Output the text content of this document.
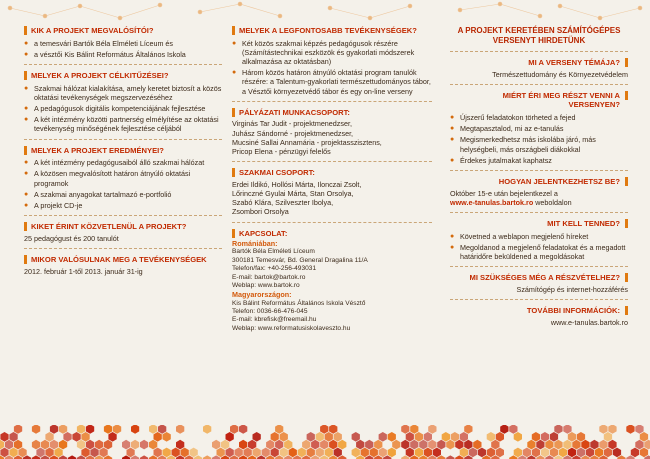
KIK A PROJEKT MEGVALÓSÍTÓI?
● a temesvári Bartók Béla Elméleti Líceum és
● a vésztői Kis Bálint Református Általános Iskola
MELYEK A PROJEKT CÉLKITŰZÉSEI?
● Szakmai hálózat kialakítása, amely keretet biztosít a közös oktatási tevékenységek megszervezéséhez
● A pedagógusok digitális kompetenciájának fejlesztése
● A két intézmény közötti partnerség elmélyítése az oktatási tevékenység minőségének fejlesztése céljából
MELYEK A PROJEKT EREDMÉNYEI?
● A két intézmény pedagógusaiból álló szakmai hálózat
● A közösen megvalósított határon átnyúló oktatási programok
● A szakmai anyagokat tartalmazó e-portfolió
● A projekt CD-je
KIKET ÉRINT KÖZVETLENÜL A PROJEKT?
25 pedagógust és 200 tanulót
MIKOR VALÓSULNAK MEG A TEVÉKENYSÉGEK
2012. február 1-től 2013. január 31-ig
MELYEK A LEGFONTOSABB TEVÉKENYSÉGEK?
● Két közös szakmai képzés pedagógusok részére (Számítástechnikai eszközök és gyakorlati módszerek alkalmazása az oktatásban)
● Három közös határon átnyúló oktatási program tanulók részére: a Talentum-gyakorlati természettudományos tábor, a Vésztői környezetvédő tábor és egy on-line verseny
PÁLYÁZATI MUNKACSOPORT:
Virginás Tar Judit - projektmenedzser,
Juhász Sándorné - projektmenedzser,
Mucsiné Sallai Annamária - projektasszisztens,
Pricop Elena - pénzügyi felelős
SZAKMAI CSOPORT:
Erdei Ildikó, Hollósi Márta, Ilonczai Zsolt,
Lőrinczné Gyulai Márta, Stan Orsolya,
Szabó Klára, Szilveszter Ibolya,
Zsombori Orsolya
KAPCSOLAT:
Romániában:
Bartók Béla Elméleti Líceum
300181 Temesvár, Bd. General Dragalina 11/A
Telefon/fax: +40-256-493031
E-mail: bartok@bartok.ro
Weblap: www.bartok.ro
Magyarországon:
Kis Bálint Református Általános Iskola Vésztő
Telefon: 0036-66-476-045
E-mail: kbrefisk@freemail.hu
Weblap: www.reformatusiskolaveszto.hu
A PROJEKT KERETÉBEN SZÁMÍTÓGÉPES VERSENYT HIRDETÜNK
MI A VERSENY TÉMÁJA?
Természettudomány és Környezetvédelem
MIÉRT ÉRI MEG RÉSZT VENNI A VERSENYEN?
● Újszerű feladatokon törheted a fejed
● Megtapasztalod, mi az e-tanulás
● Megismerkedhetsz más iskolába járó, más helységbeli, más országbeli diákokkal
● Érdekes jutalmakat kaphatsz
HOGYAN JELENTKEZHETSZ BE?
Október 15-e után bejelentkezel a
www.e-tanulas.bartok.ro weboldalon
MIT KELL TENNED?
● Követned a weblapon megjelenő híreket
● Megoldanod a megjelenő feladatokat és a megadott határidőre beküldened a megoldásokat
MI SZÜKSÉGES MÉG A RÉSZVÉTELHEZ?
Számítógép és internet-hozzáférés
TOVÁBBI INFORMÁCIÓK:
www.e-tanulas.bartok.ro
